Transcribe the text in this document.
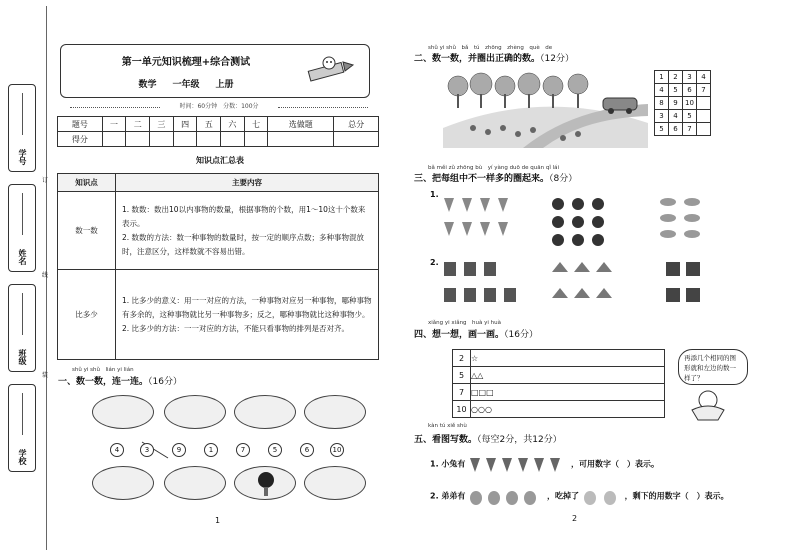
学号
姓名
班级
学校
订
线
装
第一单元知识梳理+综合测试
数学 一年级 上册
时间：60分钟　分数：100分
题号	一	二	三	四	五	六	七	选做题	总分
得分									
知识点汇总表
知识点	主要内容
数一数	1. 数数：数出10以内事物的数量，根据事物的个数，用1～10这十个数来表示。
2. 数数的方法：数一种事物的数量时，按一定的顺序点数；多种事物混放时，注意区分，这样数就不容易出错。

比多少	1. 比多少的意义：用一一对应的方法，一种事物对应另一种事物，哪种事物有多余的，这种事物就比另一种事物多；反之，哪种事物就比这种事物少。
2. 比多少的方法：一一对应的方法，不能只看事物的排列是否对齐。
shǔ yi shǔ　lián yi lián
一、数一数，连一连。（16分）
4	3	9	1	7	5	6	10
1
shǔ yi shǔ　bǎ　tú　zhōng　zhèng　què　de
二、数一数，并圈出正确的数。（12分）
1	2	3	4
4	5	6	7
8	9	10	
3	4	5	
5	6	7	
bǎ měi zǔ zhōng bù　yí yàng duō de quān qǐ lái
三、把每组中不一样多的圈起来。（8分）
1.
2.
xiǎng yi xiǎng　huà yi huà
四、想一想，画一画。（16分）
2	☆
5	△△
7	□□□
10	○○○
再添几个相同的图形就和左边的数一样了？
kàn tú xiě shù
五、看图写数。（每空2分，共12分）
1. 小兔有	，可用数字（　）表示。
2. 弟弟有	，吃掉了	，剩下的用数字（　）表示。
2
